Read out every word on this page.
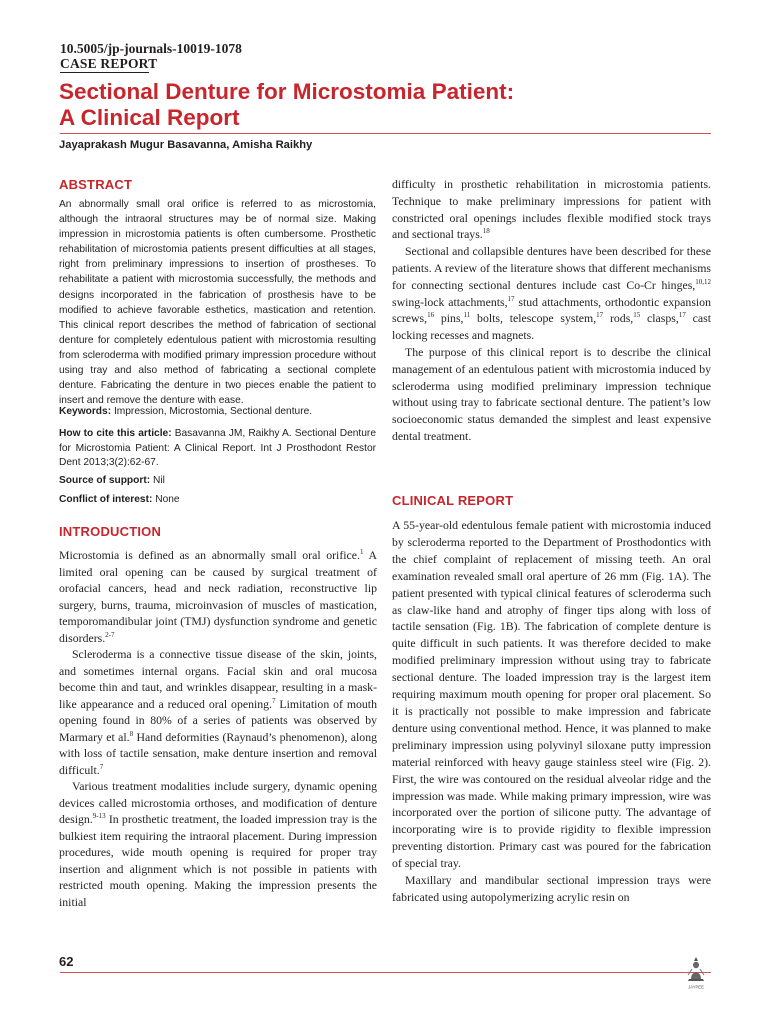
10.5005/jp-journals-10019-1078
CASE REPORT
Sectional Denture for Microstomia Patient:
A Clinical Report
Jayaprakash Mugur Basavanna, Amisha Raikhy
ABSTRACT

An abnormally small oral orifice is referred to as microstomia, although the intraoral structures may be of normal size. Making impression in microstomia patients is often cumbersome. Prosthetic rehabilitation of microstomia patients present difficulties at all stages, right from preliminary impressions to insertion of prostheses. To rehabilitate a patient with microstomia successfully, the methods and designs incorporated in the fabrication of prosthesis have to be modified to achieve favorable esthetics, mastication and retention. This clinical report describes the method of fabrication of sectional denture for completely edentulous patient with microstomia resulting from scleroderma with modified primary impression procedure without using tray and also method of fabricating a sectional complete denture. Fabricating the denture in two pieces enable the patient to insert and remove the denture with ease.

Keywords: Impression, Microstomia, Sectional denture.

How to cite this article: Basavanna JM, Raikhy A. Sectional Denture for Microstomia Patient: A Clinical Report. Int J Prosthodont Restor Dent 2013;3(2):62-67.

Source of support: Nil

Conflict of interest: None

INTRODUCTION

Microstomia is defined as an abnormally small oral orifice.$^1$ A limited oral opening can be caused by surgical treatment of orofacial cancers, head and neck radiation, reconstructive lip surgery, burns, trauma, microinvasion of muscles of mastication, temporomandibular joint (TMJ) dysfunction syndrome and genetic disorders.$^{2-7}$

Scleroderma is a connective tissue disease of the skin, joints, and sometimes internal organs. Facial skin and oral mucosa become thin and taut, and wrinkles disappear, resulting in a mask-like appearance and a reduced oral opening.$^7$ Limitation of mouth opening found in 80% of a series of patients was observed by Marmary et al.$^8$ Hand deformities (Raynaud’s phenomenon), along with loss of tactile sensation, make denture insertion and removal difficult.$^7$

Various treatment modalities include surgery, dynamic opening devices called microstomia orthoses, and modification of denture design.$^{9-13}$ In prosthetic treatment, the loaded impression tray is the bulkiest item requiring the intraoral placement. During impression procedures, wide mouth opening is required for proper tray insertion and alignment which is not possible in patients with restricted mouth opening. Making the impression presents the initial

difficulty in prosthetic rehabilitation in microstomia patients. Technique to make preliminary impressions for patient with constricted oral openings includes flexible modified stock trays and sectional trays.$^{18}$

Sectional and collapsible dentures have been described for these patients. A review of the literature shows that different mechanisms for connecting sectional dentures include cast Co-Cr hinges,$^{10,12}$ swing-lock attachments,$^{17}$ stud attachments, orthodontic expansion screws,$^{16}$ pins,$^{11}$ bolts, telescope system,$^{17}$ rods,$^{15}$ clasps,$^{17}$ cast locking recesses and magnets.

The purpose of this clinical report is to describe the clinical management of an edentulous patient with microstomia induced by scleroderma using modified preliminary impression technique without using tray to fabricate sectional denture. The patient’s low socioeconomic status demanded the simplest and least expensive dental treatment.

CLINICAL REPORT

A 55-year-old edentulous female patient with microstomia induced by scleroderma reported to the Department of Prosthodontics with the chief complaint of replacement of missing teeth. An oral examination revealed small oral aperture of 26 mm (Fig. 1A). The patient presented with typical clinical features of scleroderma such as claw-like hand and atrophy of finger tips along with loss of tactile sensation (Fig. 1B). The fabrication of complete denture is quite difficult in such patients. It was therefore decided to make modified preliminary impression without using tray to fabricate sectional denture. The loaded impression tray is the largest item requiring maximum mouth opening for proper oral placement. So it is practically not possible to make impression and fabricate denture using conventional method. Hence, it was planned to make preliminary impression using polyvinyl siloxane putty impression material reinforced with heavy gauge stainless steel wire (Fig. 2). First, the wire was contoured on the residual alveolar ridge and the impression was made. While making primary impression, wire was incorporated over the portion of silicone putty. The advantage of incorporating wire is to provide rigidity to flexible impression preventing distortion. Primary cast was poured for the fabrication of special tray.

Maxillary and mandibular sectional impression trays were fabricated using autopolymerizing acrylic resin on

62
JAYPEE
